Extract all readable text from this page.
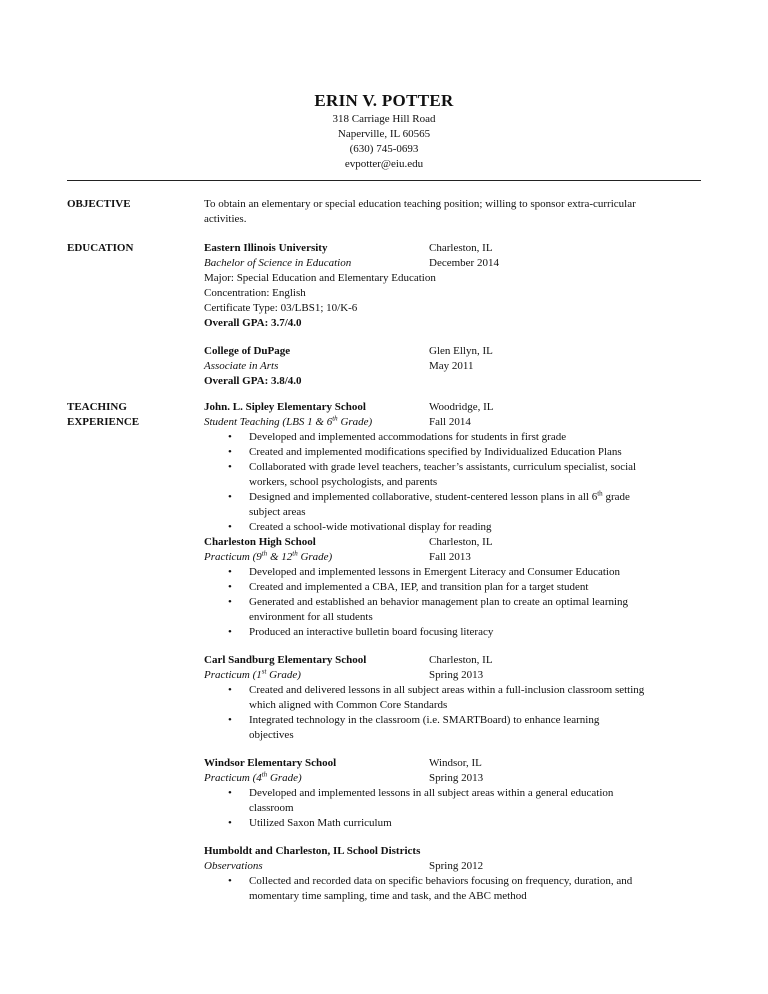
ERIN V. POTTER
318 Carriage Hill Road
Naperville, IL 60565
(630) 745-0693
evpotter@eiu.edu
OBJECTIVE	To obtain an elementary or special education teaching position; willing to sponsor extra-curricular
activities.
EDUCATION	Eastern Illinois University	Charleston, IL
Bachelor of Science in Education	December 2014
Major: Special Education and Elementary Education
Concentration: English
Certificate Type: 03/LBS1; 10/K-6
Overall GPA: 3.7/4.0
College of DuPage	Glen Ellyn, IL
Associate in Arts	May 2011
Overall GPA: 3.8/4.0
TEACHING
EXPERIENCE
John. L. Sipley Elementary School	Woodridge, IL
Student Teaching (LBS 1 & 6th Grade)	Fall 2014
• Developed and implemented accommodations for students in first grade
• Created and implemented modifications specified by Individualized Education Plans
• Collaborated with grade level teachers, teacher’s assistants, curriculum specialist, social
workers, school psychologists, and parents
• Designed and implemented collaborative, student-centered lesson plans in all 6th grade
subject areas
• Created a school-wide motivational display for reading
Charleston High School	Charleston, IL
Practicum (9th & 12th Grade)	Fall 2013
• Developed and implemented lessons in Emergent Literacy and Consumer Education
• Created and implemented a CBA, IEP, and transition plan for a target student
• Generated and established an behavior management plan to create an optimal learning
environment for all students
• Produced an interactive bulletin board focusing literacy
Carl Sandburg Elementary School	Charleston, IL
Practicum (1st Grade)	Spring 2013
• Created and delivered lessons in all subject areas within a full-inclusion classroom setting
which aligned with Common Core Standards
• Integrated technology in the classroom (i.e. SMARTBoard) to enhance learning
objectives
Windsor Elementary School	Windsor, IL
Practicum (4th Grade)	Spring 2013
• Developed and implemented lessons in all subject areas within a general education
classroom
• Utilized Saxon Math curriculum
Humboldt and Charleston, IL School Districts
Observations	Spring 2012
• Collected and recorded data on specific behaviors focusing on frequency, duration, and
momentary time sampling, time and task, and the ABC method
